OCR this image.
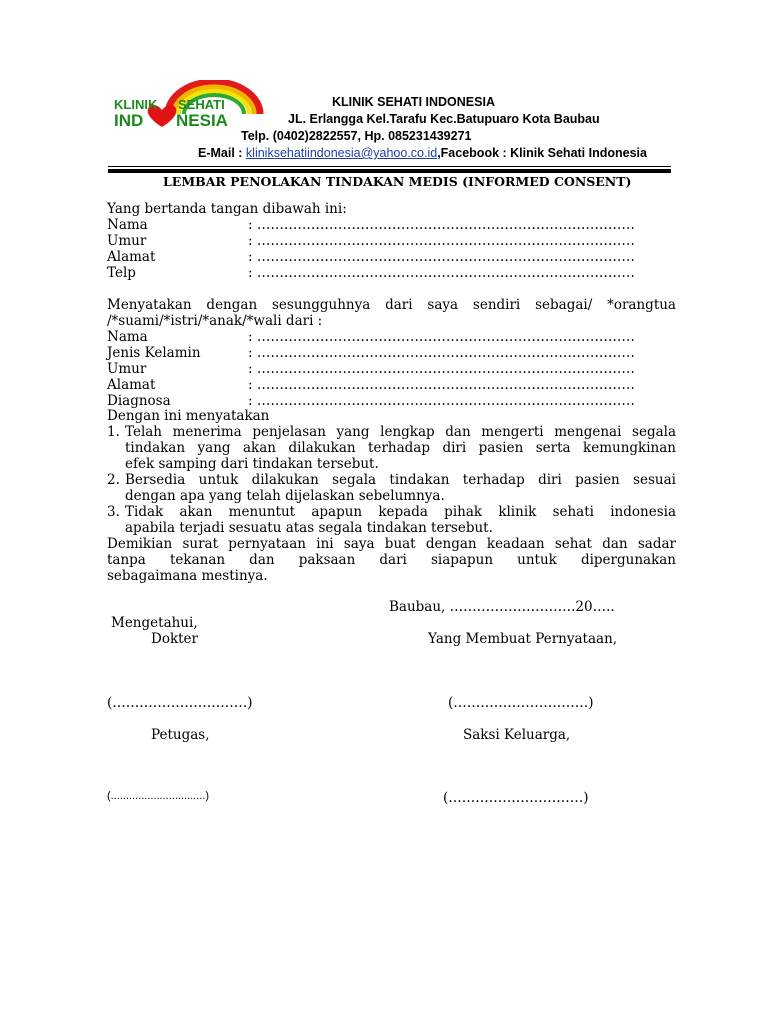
KLINIK SEHATI
IND NESIA
KLINIK SEHATI INDONESIA
JL. Erlangga Kel.Tarafu Kec.Batupuaro Kota Baubau
Telp. (0402)2822557, Hp. 085231439271
E-Mail : kliniksehatiindonesia@yahoo.co.id,Facebook : Klinik Sehati Indonesia
LEMBAR PENOLAKAN TINDAKAN MEDIS (INFORMED CONSENT)
Yang bertanda tangan dibawah ini:
Nama	: …………………………………………………………………………
Umur	: …………………………………………………………………………
Alamat	: …………………………………………………………………………
Telp	: …………………………………………………………………………
Menyatakan dengan sesungguhnya dari saya sendiri sebagai/ *orangtua
/*suami/*istri/*anak/*wali dari :
Nama	: …………………………………………………………………………
Jenis Kelamin	: …………………………………………………………………………
Umur	: …………………………………………………………………………
Alamat	: …………………………………………………………………………
Diagnosa	: …………………………………………………………………………
Dengan ini menyatakan
1. Telah menerima penjelasan yang lengkap dan mengerti mengenai segala
tindakan yang akan dilakukan terhadap diri pasien serta kemungkinan
efek samping dari tindakan tersebut.
2. Bersedia untuk dilakukan segala tindakan terhadap diri pasien sesuai
dengan apa yang telah dijelaskan sebelumnya.
3. Tidak akan menuntut apapun kepada pihak klinik sehati indonesia
apabila terjadi sesuatu atas segala tindakan tersebut.
Demikian surat pernyataan ini saya buat dengan keadaan sehat dan sadar
tanpa tekanan dan paksaan dari siapapun untuk dipergunakan
sebagaimana mestinya.
Baubau, ……………………….20…..
Mengetahui,
Dokter	Yang Membuat Pernyataan,
(…………………………)	(…………………………)
Petugas,	Saksi Keluarga,
(...............................)	(…………………………)
